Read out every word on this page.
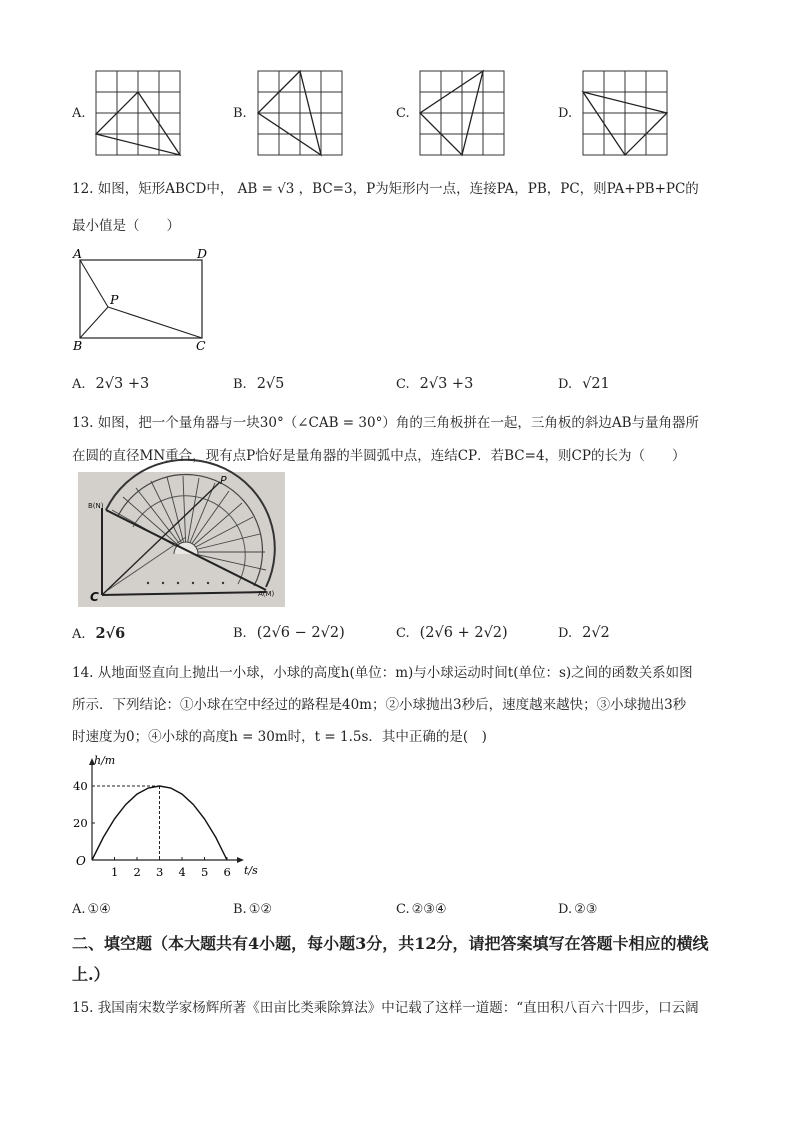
A.	B.	C.	D.
12. 如图，矩形ABCD中， AB = √3 ，BC=3，P为矩形内一点，连接PA，PB，PC，则PA+PB+PC的
最小值是（　　）
A	D
P
B	C
A. 2√3 +3	B. 2√5	C. 2√3 +3	D. √21
13. 如图，把一个量角器与一块30°（∠CAB = 30°）角的三角板拼在一起，三角板的斜边AB与量角器所
在圆的直径MN重合，现有点P恰好是量角器的半圆弧中点，连结CP．若BC=4，则CP的长为（　　）
P
B(N)
C	A(M)
A. 2√6	B. (2√6 − 2√2)	C. (2√6 + 2√2)	D. 2√2
14. 从地面竖直向上抛出一小球，小球的高度h(单位：m)与小球运动时间t(单位：s)之间的函数关系如图
所示．下列结论：①小球在空中经过的路程是40m；②小球抛出3秒后，速度越来越快；③小球抛出3秒
时速度为0；④小球的高度h = 30m时，t = 1.5s．其中正确的是(　)
h/m
t/s
O
1 2 3 4 5 6
20
40
A. ①④	B. ①②	C. ②③④	D. ②③
二、填空题（本大题共有4小题，每小题3分，共12分，请把答案填写在答题卡相应的横线
上.）
15. 我国南宋数学家杨辉所著《田亩比类乘除算法》中记载了这样一道题：“直田积八百六十四步，口云阔
